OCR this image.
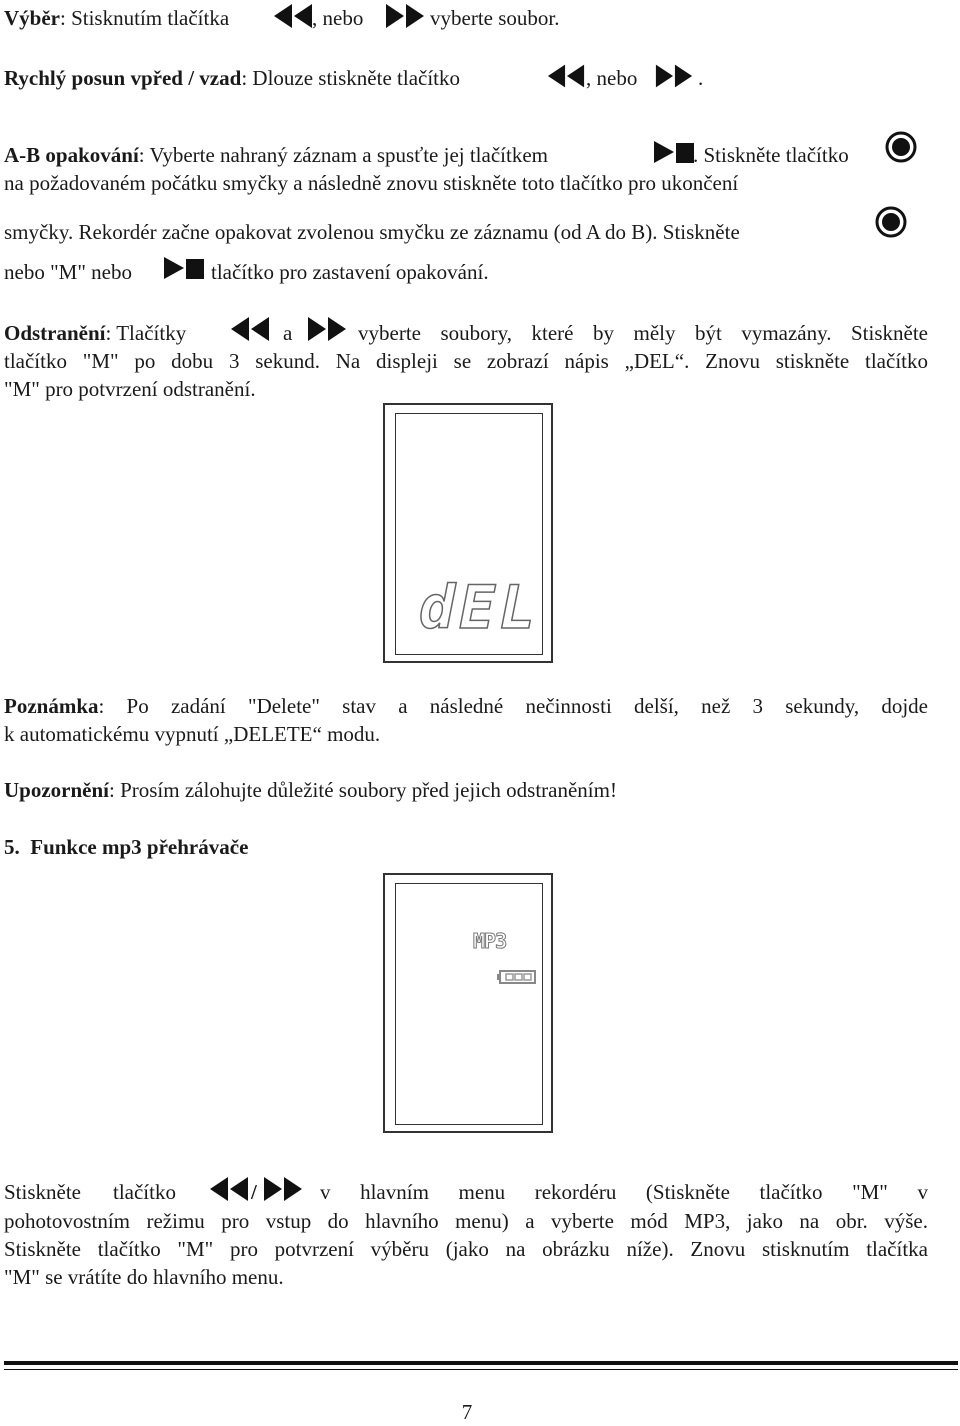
Výběr: Stisknutím tlačítka	, nebo	vyberte soubor.
Rychlý posun vpřed / vzad: Dlouze stiskněte tlačítko	, nebo	.
A-B opakování: Vyberte nahraný záznam a spusťte jej tlačítkem	. Stiskněte tlačítko
na požadovaném počátku smyčky a následně znovu stiskněte toto tlačítko pro ukončení
smyčky. Rekordér začne opakovat zvolenou smyčku ze záznamu (od A do B). Stiskněte
nebo "M" nebo	tlačítko pro zastavení opakování.
Odstranění: Tlačítky	a	vyberte soubory, které by měly být vymazány. Stiskněte
tlačítko "M" po dobu 3 sekund. Na displeji se zobrazí nápis „DEL“. Znovu stiskněte tlačítko
"M" pro potvrzení odstranění.
dEL
Poznámka: Po zadání "Delete" stav a následné nečinnosti delší, než 3 sekundy, dojde
k automatickému vypnutí „DELETE“ modu.
Upozornění: Prosím zálohujte důležité soubory před jejich odstraněním!
5. Funkce mp3 přehrávače
MP3
Stiskněte tlačítko	/	v hlavním menu rekordéru (Stiskněte tlačítko "M" v
pohotovostním režimu pro vstup do hlavního menu) a vyberte mód MP3, jako na obr. výše.
Stiskněte tlačítko "M" pro potvrzení výběru (jako na obrázku níže). Znovu stisknutím tlačítka
"M" se vrátíte do hlavního menu.
7
